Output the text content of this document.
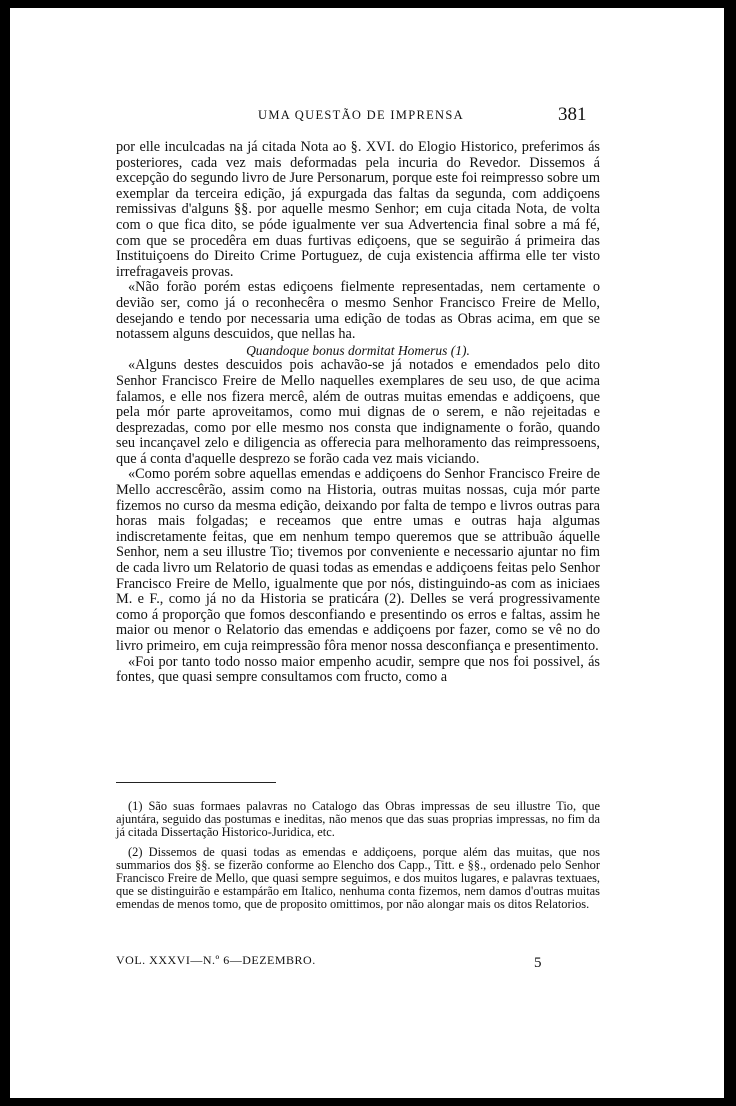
UMA QUESTÃO DE IMPRENSA	381

por elle inculcadas na já citada Nota ao §. XVI. do Elogio Historico, preferimos ás posteriores, cada vez mais deformadas pela incuria do Revedor. Dissemos á excepção do segundo livro de Jure Personarum, porque este foi reimpresso sobre um exemplar da terceira edição, já expurgada das faltas da segunda, com addiçoens remissivas d'alguns §§. por aquelle mesmo Senhor; em cuja citada Nota, de volta com o que fica dito, se póde igualmente ver sua Advertencia final sobre a má fé, com que se procedêra em duas furtivas ediçoens, que se seguirão á primeira das Instituiçoens do Direito Crime Portuguez, de cuja existencia affirma elle ter visto irrefragaveis provas.

«Não forão porém estas ediçoens fielmente representadas, nem certamente o devião ser, como já o reconhecêra o mesmo Senhor Francisco Freire de Mello, desejando e tendo por necessaria uma edição de todas as Obras acima, em que se notassem alguns descuidos, que nellas ha.

Quandoque bonus dormitat Homerus (1).

«Alguns destes descuidos pois achavão-se já notados e emendados pelo dito Senhor Francisco Freire de Mello naquelles exemplares de seu uso, de que acima falamos, e elle nos fizera mercê, além de outras muitas emendas e addiçoens, que pela mór parte aproveitamos, como mui dignas de o serem, e não rejeitadas e desprezadas, como por elle mesmo nos consta que indignamente o forão, quando seu incançavel zelo e diligencia as offerecia para melhoramento das reimpressoens, que á conta d'aquelle desprezo se forão cada vez mais viciando.

«Como porém sobre aquellas emendas e addiçoens do Senhor Francisco Freire de Mello accrescêrão, assim como na Historia, outras muitas nossas, cuja mór parte fizemos no curso da mesma edição, deixando por falta de tempo e livros outras para horas mais folgadas; e receamos que entre umas e outras haja algumas indiscretamente feitas, que em nenhum tempo queremos que se attribuão áquelle Senhor, nem a seu illustre Tio; tivemos por conveniente e necessario ajuntar no fim de cada livro um Relatorio de quasi todas as emendas e addiçoens feitas pelo Senhor Francisco Freire de Mello, igualmente que por nós, distinguindo-as com as iniciaes M. e F., como já no da Historia se praticára (2). Delles se verá progressivamente como á proporção que fomos desconfiando e presentindo os erros e faltas, assim he maior ou menor o Relatorio das emendas e addiçoens por fazer, como se vê no do livro primeiro, em cuja reimpressão fôra menor nossa desconfiança e presentimento.

«Foi por tanto todo nosso maior empenho acudir, sempre que nos foi possivel, ás fontes, que quasi sempre consultamos com fructo, como a

(1) São suas formaes palavras no Catalogo das Obras impressas de seu illustre Tio, que ajuntára, seguido das postumas e ineditas, não menos que das suas proprias impressas, no fim da já citada Dissertação Historico-Juridica, etc.

(2) Dissemos de quasi todas as emendas e addiçoens, porque além das muitas, que nos summarios dos §§. se fizerão conforme ao Elencho dos Capp., Titt. e §§., ordenado pelo Senhor Francisco Freire de Mello, que quasi sempre seguimos, e dos muitos lugares, e palavras textuaes, que se distinguirão e estampárão em Italico, nenhuma conta fizemos, nem damos d'outras muitas emendas de menos tomo, que de proposito omittimos, por não alongar mais os ditos Relatorios.

VOL. XXXVI—N.º 6—DEZEMBRO.	5
